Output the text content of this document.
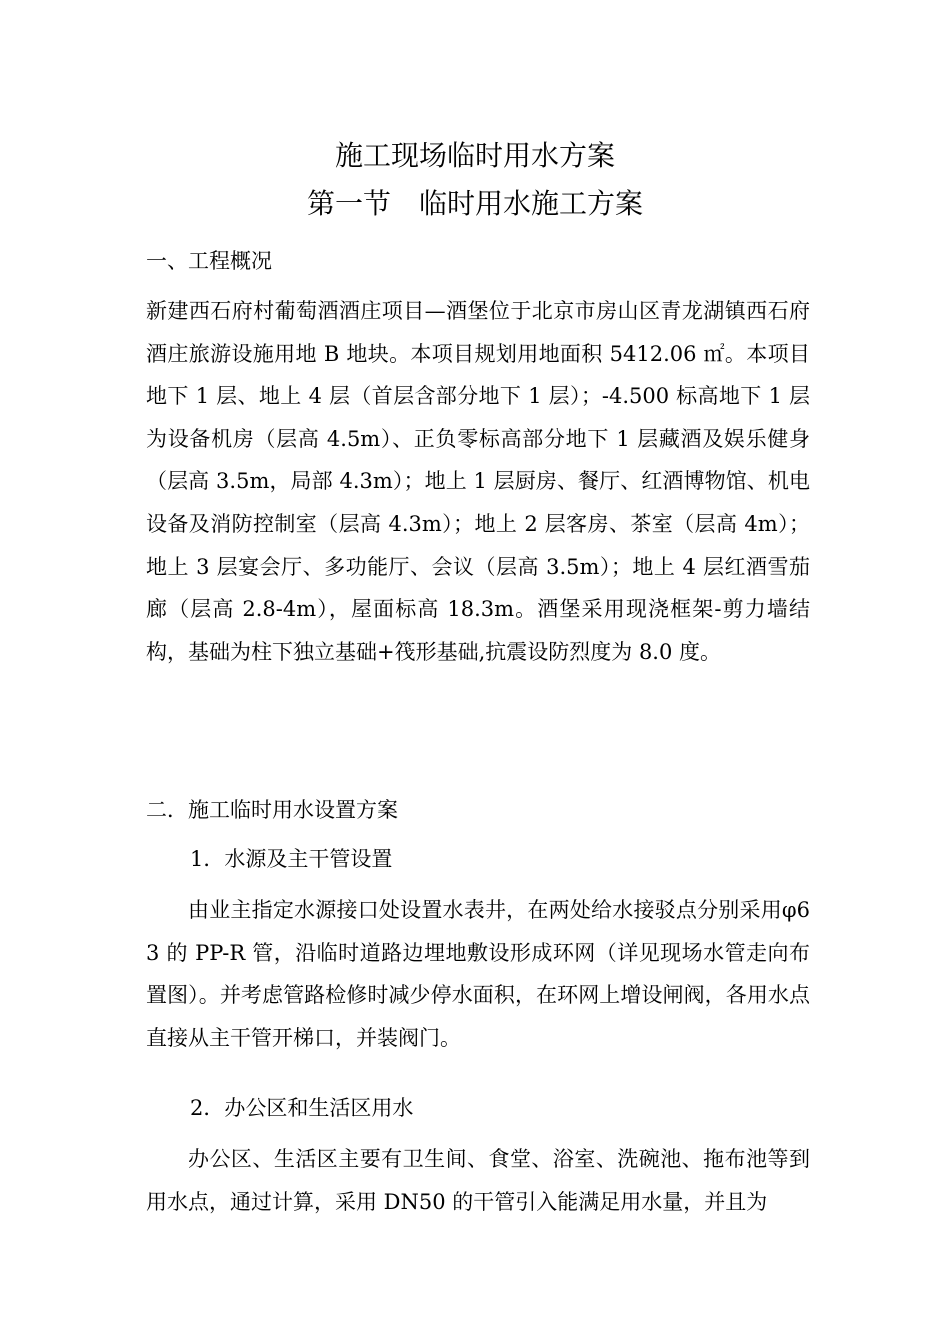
施工现场临时用水方案
第一节　临时用水施工方案
一、工程概况

新建西石府村葡萄酒酒庄项目—酒堡位于北京市房山区青龙湖镇西石府酒庄旅游设施用地 B 地块。本项目规划用地面积 5412.06 ㎡。本项目地下 1 层、地上 4 层（首层含部分地下 1 层）；-4.500 标高地下 1 层为设备机房（层高 4.5m）、正负零标高部分地下 1 层藏酒及娱乐健身（层高 3.5m，局部 4.3m）；地上 1 层厨房、餐厅、红酒博物馆、机电设备及消防控制室（层高 4.3m）；地上 2 层客房、茶室（层高 4m）；地上 3 层宴会厅、多功能厅、会议（层高 3.5m）；地上 4 层红酒雪茄廊（层高 2.8-4m），屋面标高 18.3m。酒堡采用现浇框架-剪力墙结构，基础为柱下独立基础+筏形基础,抗震设防烈度为 8.0 度。

二．施工临时用水设置方案
1．水源及主干管设置

由业主指定水源接口处设置水表井，在两处给水接驳点分别采用φ63 的 PP-R 管，沿临时道路边埋地敷设形成环网（详见现场水管走向布置图）。并考虑管路检修时减少停水面积，在环网上增设闸阀，各用水点直接从主干管开梯口，并装阀门。

2．办公区和生活区用水

办公区、生活区主要有卫生间、食堂、浴室、洗碗池、拖布池等到用水点，通过计算，采用 DN50 的干管引入能满足用水量，并且为
